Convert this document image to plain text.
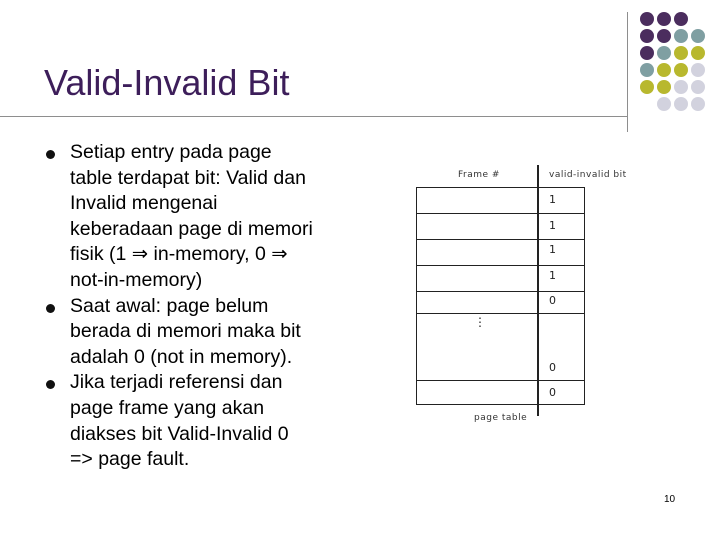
Valid-Invalid Bit
Setiap entry pada page
table terdapat bit: Valid dan
Invalid mengenai
keberadaan page di memori
fisik (1 ⇒ in-memory, 0 ⇒
not-in-memory)
Saat awal: page belum
berada di memori maka bit
adalah 0 (not in memory).
Jika terjadi referensi dan
page frame yang akan
diakses bit Valid-Invalid 0
=> page fault.
Frame #	valid-invalid bit
1
1
1
1
0
0
0
⋮
page table
10
